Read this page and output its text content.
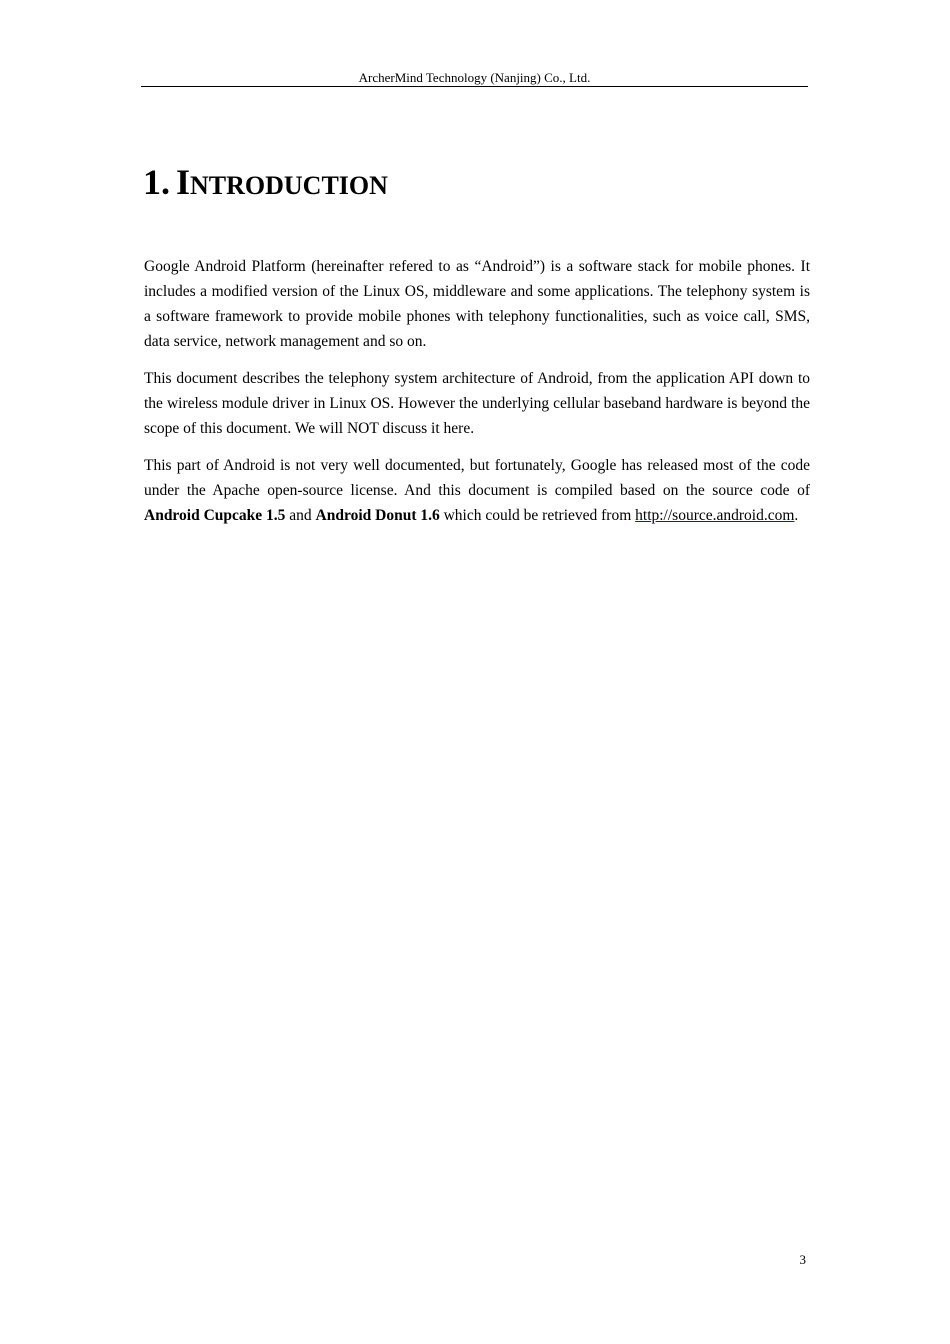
ArcherMind Technology (Nanjing) Co., Ltd.
1. INTRODUCTION

Google Android Platform (hereinafter refered to as “Android”) is a software stack for mobile phones. It includes a modified version of the Linux OS, middleware and some applications. The telephony system is a software framework to provide mobile phones with telephony functionalities, such as voice call, SMS, data service, network management and so on.

This document describes the telephony system architecture of Android, from the application API down to the wireless module driver in Linux OS. However the underlying cellular baseband hardware is beyond the scope of this document. We will NOT discuss it here.

This part of Android is not very well documented, but fortunately, Google has released most of the code under the Apache open-source license. And this document is compiled based on the source code of Android Cupcake 1.5 and Android Donut 1.6 which could be retrieved from http://source.android.com.

3
